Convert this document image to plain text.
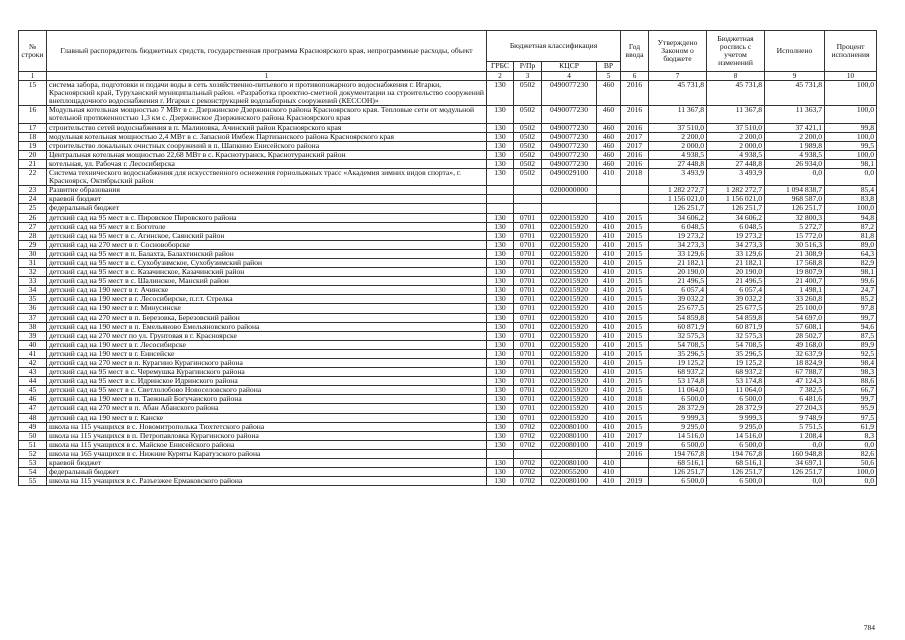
№ строки	Главный распорядитель бюджетных средств, государственная программа Красноярского края, непрограммные расходы, объект	Бюджетная классификация				Год ввода	Утверждено Законом о бюджете	Бюджетная роспись с учетом изменений	Исполнено	Процент исполнения
		ГРБС	Р/Пр	КЦСР	ВР					
1	1	2	3	4	5	6	7	8	9	10
15	система забора, подготовки и подачи воды в сеть хозяйственно-питьевого и противопожарного водоснабжения г. Игарки, Красноярский край, Туруханский муниципальный район. «Разработка проектно-сметной документации на строительство сооружений внеплощадочного водоснабжения г. Игарки с реконструкцией водозаборных сооружений (КЕССОН)»	130	0502	0490077230	460	2016	45 731,8	45 731,8	45 731,8	100,0
16	Модульная котельная мощностью 7 МВт в с. Дзержинское Дзержинского района Красноярского края. Тепловые сети от модульной котельной протяженностью 1,3 км с. Дзержинское Дзержинского района Красноярского края	130	0502	0490077230	460	2016	11 367,8	11 367,8	11 363,7	100,0
17	строительство сетей водоснабжения в п. Малиновка, Ачинский район Красноярского края	130	0502	0490077230	460	2016	37 510,0	37 510,0	37 421,1	99,8
18	модульная котельная мощностью 2,4 МВт в с. Запасной Имбеж Партизанского района Красноярского края	130	0502	0490077230	460	2017	2 200,0	2 200,0	2 200,0	100,0
19	строительство локальных очистных сооружений в п. Шапкино Енисейского района	130	0502	0490077230	460	2017	2 000,0	2 000,0	1 989,8	99,5
20	Центральная котельная мощностью 22,68 МВт в с. Краснотуранск, Краснотуранский район	130	0502	0490077230	460	2016	4 938,5	4 938,5	4 938,5	100,0
21	котельная, ул. Рабочая г. Лесосибирска	130	0502	0490077230	460	2016	27 448,8	27 448,8	26 934,0	98,1
22	Система технического водоснабжения для искусственного оснежения горнолыжных трасс «Академия зимних видов спорта», г. Красноярск, Октябрьский район	130	0502	0490029100	410	2018	3 493,9	3 493,9	0,0	0,0
23	Развитие образования			0200000000			1 282 272,7	1 282 272,7	1 094 838,7	85,4
24	краевой бюджет						1 156 021,0	1 156 021,0	968 587,0	83,8
25	федеральный бюджет						126 251,7	126 251,7	126 251,7	100,0
26	детский сад на 95 мест в с. Пировское Пировского района	130	0701	0220015920	410	2015	34 606,2	34 606,2	32 800,3	94,8
27	детский сад на 95 мест в г. Боготоле	130	0701	0220015920	410	2015	6 048,5	6 048,5	5 272,7	87,2
28	детский сад на 95 мест в с. Агинское, Саянский район	130	0701	0220015920	410	2015	19 273,2	19 273,2	15 772,0	81,8
29	детский сад на 270 мест в г. Сосновоборске	130	0701	0220015920	410	2015	34 273,3	34 273,3	30 516,3	89,0
30	детский сад на 95 мест в п. Балахта, Балахтинский район	130	0701	0220015920	410	2015	33 129,6	33 129,6	21 308,9	64,3
31	детский сад на 95 мест в с. Сухобузимское, Сухобузимский район	130	0701	0220015920	410	2015	21 182,1	21 182,1	17 568,8	82,9
32	детский сад на 95 мест в с. Казачинское, Казачинский район	130	0701	0220015920	410	2015	20 190,0	20 190,0	19 807,9	98,1
33	детский сад на 95 мест в с. Шалинское, Манский район	130	0701	0220015920	410	2015	21 496,5	21 496,5	21 400,7	99,6
34	детский сад на 190 мест в г. Ачинске	130	0701	0220015920	410	2015	6 057,4	6 057,4	1 498,1	24,7
35	детский сад на 190 мест в г. Лесосибирске, п.г.т. Стрелка	130	0701	0220015920	410	2015	39 032,2	39 032,2	33 260,8	85,2
36	детский сад на 190 мест в г. Минусинске	130	0701	0220015920	410	2015	25 677,5	25 677,5	25 100,0	97,8
37	детский сад на 270 мест в п. Березовка, Березовский район	130	0701	0220015920	410	2015	54 859,8	54 859,8	54 697,0	99,7
38	детский сад на 190 мест в п. Емельяново Емельяновского района	130	0701	0220015920	410	2015	60 871,9	60 871,9	57 608,1	94,6
39	детский сад на 270 мест по ул. Грунтовая в г. Красноярске	130	0701	0220015920	410	2015	32 575,3	32 575,3	28 502,7	87,5
40	детский сад на 190 мест в г. Лесосибирске	130	0701	0220015920	410	2015	54 708,5	54 708,5	49 168,0	89,9
41	детский сад на 190 мест в г. Енисейске	130	0701	0220015920	410	2015	35 296,5	35 296,5	32 637,9	92,5
42	детский сад на 270 мест в п. Курагино Курагинского района	130	0701	0220015920	410	2015	19 125,2	19 125,2	18 824,9	98,4
43	детский сад на 95 мест в с. Черемушка Курагинского района	130	0701	0220015920	410	2015	68 937,2	68 937,2	67 788,7	98,3
44	детский сад на 95 мест в с. Идринское Идринского района	130	0701	0220015920	410	2015	53 174,8	53 174,8	47 124,3	88,6
45	детский сад на 95 мест в с. Светлолобово Новоселовского района	130	0701	0220015920	410	2015	11 064,0	11 064,0	7 382,5	66,7
46	детский сад на 190 мест в п. Таежный Богучанского района	130	0701	0220015920	410	2018	6 500,0	6 500,0	6 481,6	99,7
47	детский сад на 270 мест в п. Абан Абанского района	130	0701	0220015920	410	2015	28 372,9	28 372,9	27 204,3	95,9
48	детский сад на 190 мест в г. Канске	130	0701	0220015920	410	2015	9 999,3	9 999,3	9 748,9	97,5
49	школа на 115 учащихся в с. Новомитрополька Тюхтетского района	130	0702	0220080100	410	2015	9 295,0	9 295,0	5 751,5	61,9
50	школа на 115 учащихся в п. Петропавловка Курагинского района	130	0702	0220080100	410	2017	14 516,0	14 516,0	1 208,4	8,3
51	школа на 115 учащихся в с. Майское Енисейского района	130	0702	0220080100	410	2019	6 500,0	6 500,0	0,0	0,0
52	школа на 165 учащихся в с. Нижние Куряты Каратузского района					2016	194 767,8	194 767,8	160 948,8	82,6
53	краевой бюджет	130	0702	0220080100	410		68 516,1	68 516,1	34 697,1	50,6
54	федеральный бюджет	130	0702	0220055200	410		126 251,7	126 251,7	126 251,7	100,0
55	школа на 115 учащихся в с. Разъезжее Ермаковского района	130	0702	0220080100	410	2019	6 500,0	6 500,0	0,0	0,0
784
